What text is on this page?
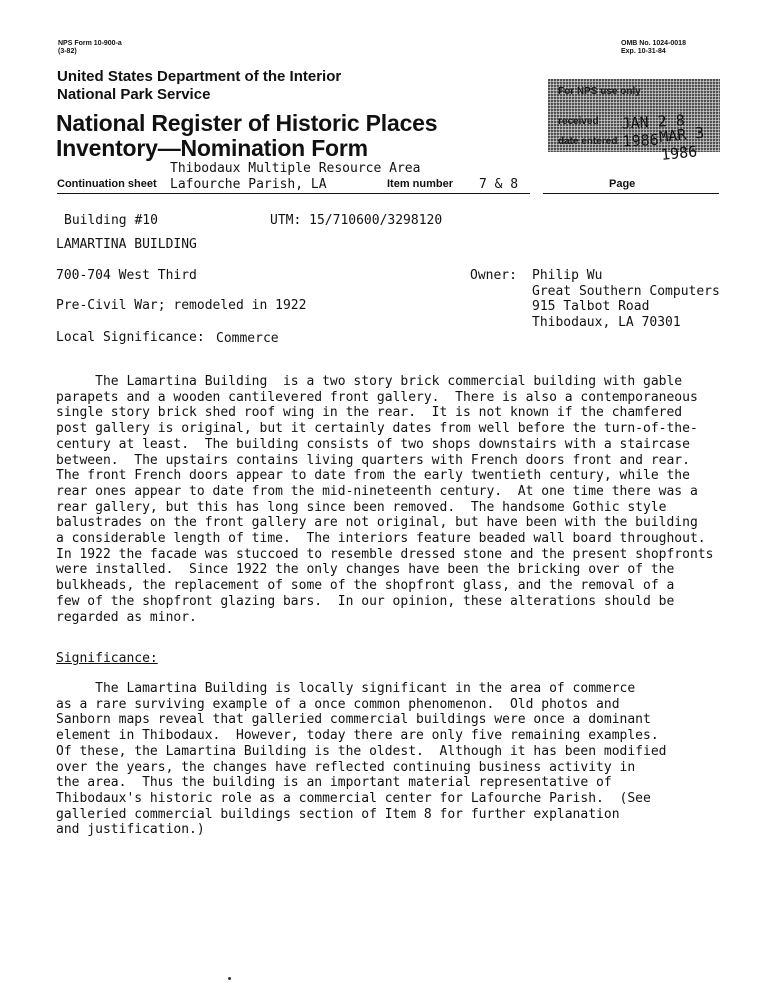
NPS Form 10-900-a
(3-82)
OMB No. 1024-0018
Exp. 10-31-84
United States Department of the Interior
National Park Service
National Register of Historic Places
Inventory—Nomination Form
For NPS use only
received
date entered
JAN 2 8 1986 MAR 3 1986
Thibodaux Multiple Resource Area
Continuation sheet Lafourche Parish, LA	Item number 7 & 8	Page
Building #10	UTM: 15/710600/3298120
LAMARTINA BUILDING
700-704 West Third
Pre-Civil War; remodeled in 1922
Local Significance: Commerce
Owner: Philip Wu
Great Southern Computers
915 Talbot Road
Thibodaux, LA 70301
The Lamartina Building  is a two story brick commercial building with gable
parapets and a wooden cantilevered front gallery.  There is also a contemporaneous
single story brick shed roof wing in the rear.  It is not known if the chamfered
post gallery is original, but it certainly dates from well before the turn-of-the-
century at least.  The building consists of two shops downstairs with a staircase
between.  The upstairs contains living quarters with French doors front and rear.
The front French doors appear to date from the early twentieth century, while the
rear ones appear to date from the mid-nineteenth century.  At one time there was a
rear gallery, but this has long since been removed.  The handsome Gothic style
balustrades on the front gallery are not original, but have been with the building
a considerable length of time.  The interiors feature beaded wall board throughout.
In 1922 the facade was stuccoed to resemble dressed stone and the present shopfronts
were installed.  Since 1922 the only changes have been the bricking over of the
bulkheads, the replacement of some of the shopfront glass, and the removal of a
few of the shopfront glazing bars.  In our opinion, these alterations should be
regarded as minor.
Significance:
The Lamartina Building is locally significant in the area of commerce
as a rare surviving example of a once common phenomenon.  Old photos and
Sanborn maps reveal that galleried commercial buildings were once a dominant
element in Thibodaux.  However, today there are only five remaining examples.
Of these, the Lamartina Building is the oldest.  Although it has been modified
over the years, the changes have reflected continuing business activity in
the area.  Thus the building is an important material representative of
Thibodaux's historic role as a commercial center for Lafourche Parish.  (See
galleried commercial buildings section of Item 8 for further explanation
and justification.)
